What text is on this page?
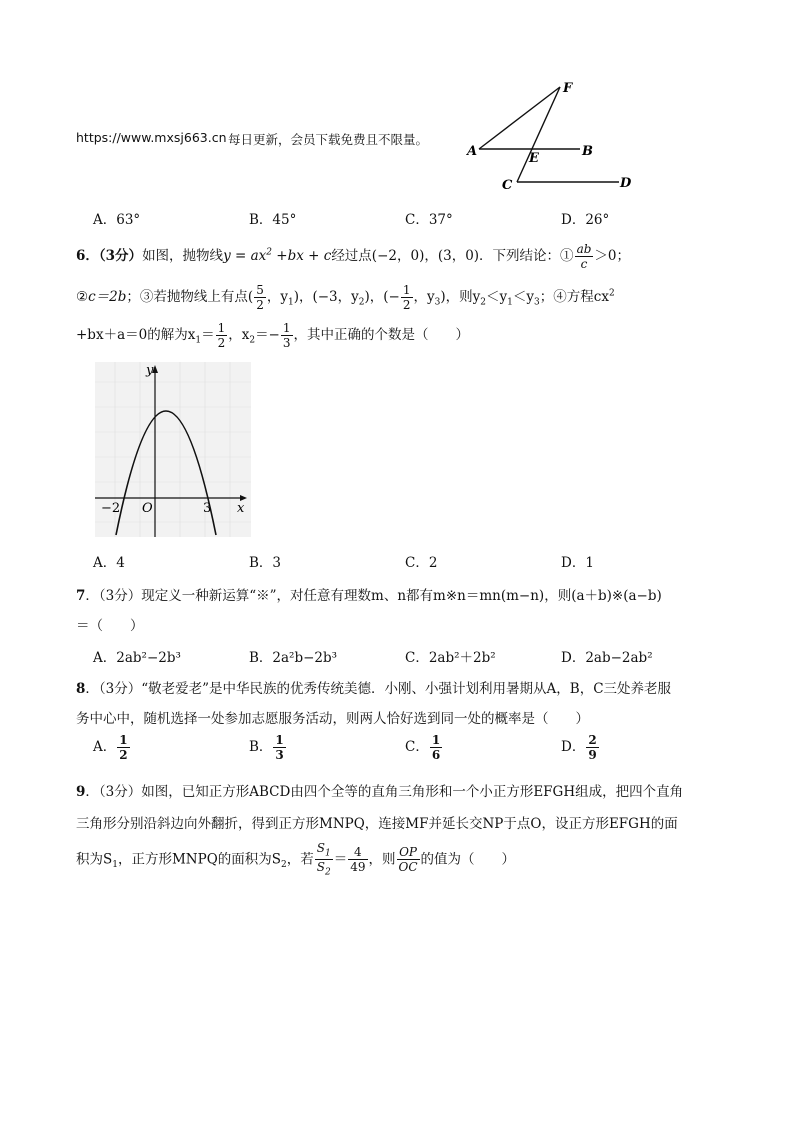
https://www.mxsj663.cn 每日更新，会员下载免费且不限量。
F
A	E	B
C	D
A．63°	B．45°	C．37°	D．26°
6．（3分）如图，抛物线$y = ax^2 +bx + c$经过点(−2，0)，(3，0)．下列结论：① $\frac{ab}{c} >0$；
②c＝2b；③若抛物线上有点( $\frac{5}{2}$ ，$y_1$)，(−3，$y_2$)，(− $\frac{1}{2}$ ，$y_3$)，则$y_2<y_1<y_3$；④方程$cx^2$
+bx＋a＝0的解为$x_1= \frac{1}{2}$ ，$x_2=- \frac{1}{3}$ ，其中正确的个数是（　　）
y
x
O
−2	3
A．4	B．3	C．2	D．1
7．（3分）现定义一种新运算“※”，对任意有理数m、n都有m※n＝mn(m−n)，则(a＋b)※(a−b)
＝（　　）
A．2ab²−2b³	B．2a²b−2b³	C．2ab²＋2b²	D．2ab−2ab²
8．（3分）“敬老爱老”是中华民族的优秀传统美德．小刚、小强计划利用暑期从A，B，C三处养老服
务中心中，随机选择一处参加志愿服务活动，则两人恰好选到同一处的概率是（　　）
A． $\frac{1}{2}$	B． $\frac{1}{3}$	C． $\frac{1}{6}$	D． $\frac{2}{9}$
9．（3分）如图，已知正方形ABCD由四个全等的直角三角形和一个小正方形EFGH组成，把四个直角
三角形分别沿斜边向外翻折，得到正方形MNPQ，连接MF并延长交NP于点O，设正方形EFGH的面
积为$S_1$，正方形MNPQ的面积为$S_2$，若 $\frac{S_1}{S_2} = \frac{4}{49}$ ，则 $\frac{OP}{OC}$ 的值为（　　）
